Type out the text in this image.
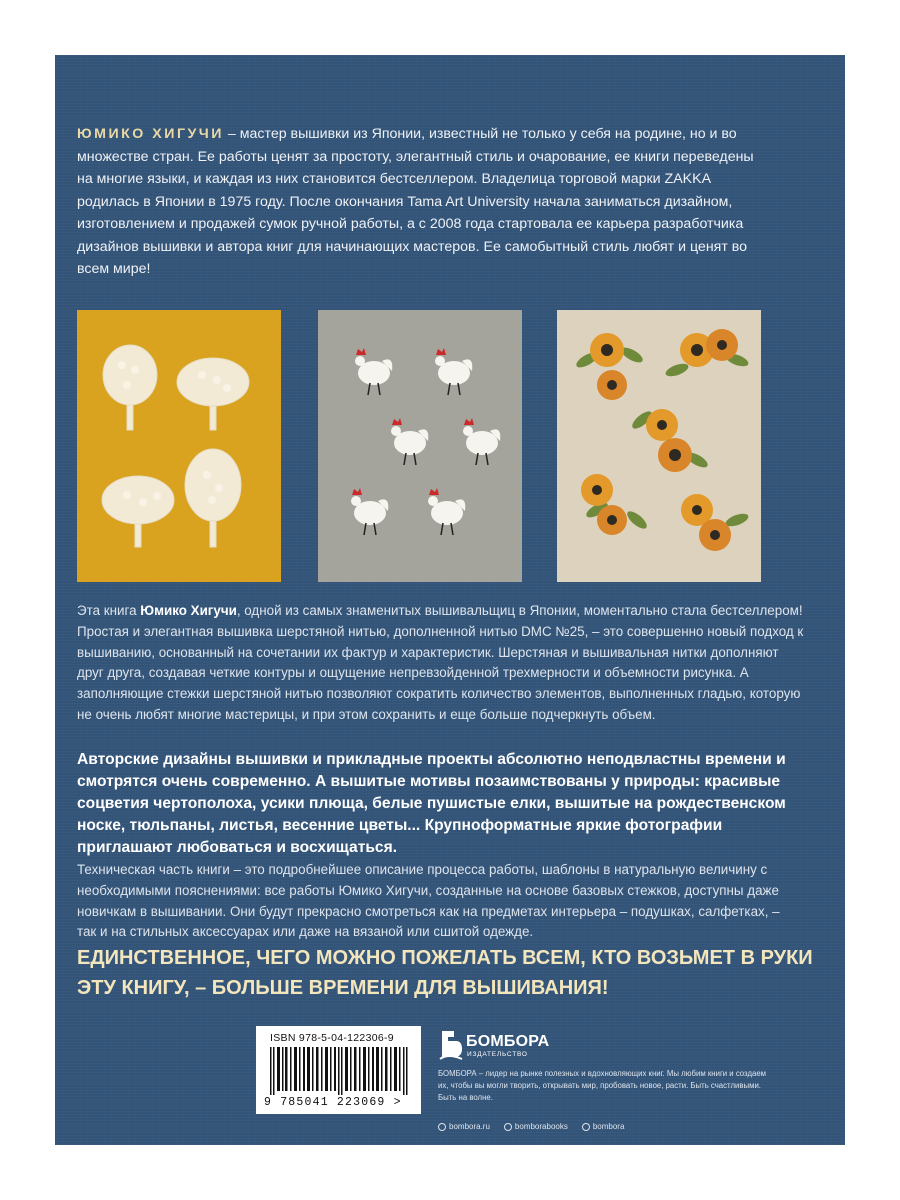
ЮМИКО ХИГУЧИ – мастер вышивки из Японии, известный не только у себя на родине, но и во множестве стран. Ее работы ценят за простоту, элегантный стиль и очарование, ее книги переведены на многие языки, и каждая из них становится бестселлером. Владелица торговой марки ZAKKA родилась в Японии в 1975 году. После окончания Tama Art University начала заниматься дизайном, изготовлением и продажей сумок ручной работы, а с 2008 года стартовала ее карьера разработчика дизайнов вышивки и автора книг для начинающих мастеров. Ее самобытный стиль любят и ценят во всем мире!

Эта книга Юмико Хигучи, одной из самых знаменитых вышивальщиц в Японии, моментально стала бестселлером! Простая и элегантная вышивка шерстяной нитью, дополненной нитью DMC №25, – это совершенно новый подход к вышиванию, основанный на сочетании их фактур и характеристик. Шерстяная и вышивальная нитки дополняют друг друга, создавая четкие контуры и ощущение непревзойденной трехмерности и объемности рисунка. А заполняющие стежки шерстяной нитью позволяют сократить количество элементов, выполненных гладью, которую не очень любят многие мастерицы, и при этом сохранить и еще больше подчеркнуть объем.

Авторские дизайны вышивки и прикладные проекты абсолютно неподвластны времени и смотрятся очень современно. А вышитые мотивы позаимствованы у природы: красивые соцветия чертополоха, усики плюща, белые пушистые елки, вышитые на рождественском носке, тюльпаны, листья, весенние цветы... Крупноформатные яркие фотографии приглашают любоваться и восхищаться.

Техническая часть книги – это подробнейшее описание процесса работы, шаблоны в натуральную величину с необходимыми пояснениями: все работы Юмико Хигучи, созданные на основе базовых стежков, доступны даже новичкам в вышивании. Они будут прекрасно смотреться как на предметах интерьера – подушках, салфетках, – так и на стильных аксессуарах или даже на вязаной или сшитой одежде.

ЕДИНСТВЕННОЕ, ЧЕГО МОЖНО ПОЖЕЛАТЬ ВСЕМ, КТО ВОЗЬМЕТ В РУКИ ЭТУ КНИГУ, – БОЛЬШЕ ВРЕМЕНИ ДЛЯ ВЫШИВАНИЯ!

ISBN 978-5-04-122306-9
9 785041 223069 >
БОМБОРА
ИЗДАТЕЛЬСТВО

БОМБОРА – лидер на рынке полезных и вдохновляющих книг. Мы любим книги и создаем их, чтобы вы могли творить, открывать мир, пробовать новое, расти. Быть счастливыми. Быть на волне.

bombora.ru	bomborabooks	bombora
